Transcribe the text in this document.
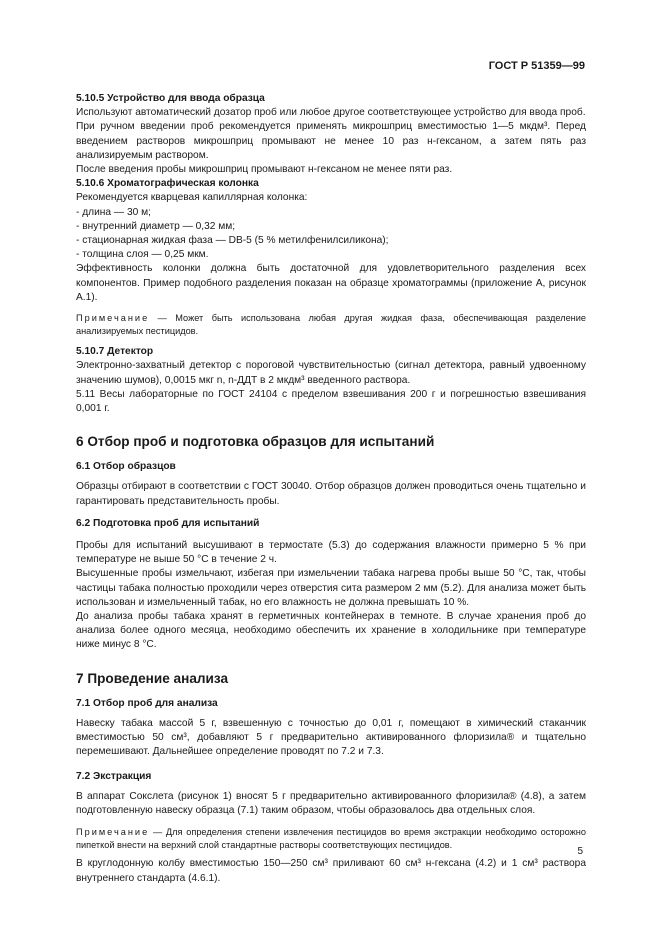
ГОСТ Р 51359—99

5.10.5 Устройство для ввода образца

Используют автоматический дозатор проб или любое другое соответствующее устройство для ввода проб.

При ручном введении проб рекомендуется применять микрошприц вместимостью 1—5 мкдм³. Перед введением растворов микрошприц промывают не менее 10 раз н-гексаном, а затем пять раз анализируемым раствором.

После введения пробы микрошприц промывают н-гексаном не менее пяти раз.

5.10.6 Хроматографическая колонка

Рекомендуется кварцевая капиллярная колонка:

- длина — 30 м;

- внутренний диаметр — 0,32 мм;

- стационарная жидкая фаза — DB-5 (5 % метилфенилсиликона);

- толщина слоя — 0,25 мкм.

Эффективность колонки должна быть достаточной для удовлетворительного разделения всех компонентов. Пример подобного разделения показан на образце хроматограммы (приложение А, рисунок А.1).

Примечание — Может быть использована любая другая жидкая фаза, обеспечивающая разделение анализируемых пестицидов.

5.10.7 Детектор

Электронно-захватный детектор с пороговой чувствительностью (сигнал детектора, равный удвоенному значению шумов), 0,0015 мкг n, n-ДДТ в 2 мкдм³ введенного раствора.

5.11 Весы лабораторные по ГОСТ 24104 с пределом взвешивания 200 г и погрешностью взвешивания 0,001 г.

6 Отбор проб и подготовка образцов для испытаний

6.1 Отбор образцов

Образцы отбирают в соответствии с ГОСТ 30040. Отбор образцов должен проводиться очень тщательно и гарантировать представительность пробы.

6.2 Подготовка проб для испытаний

Пробы для испытаний высушивают в термостате (5.3) до содержания влажности примерно 5 % при температуре не выше 50 °С в течение 2 ч.

Высушенные пробы измельчают, избегая при измельчении табака нагрева пробы выше 50 °С, так, чтобы частицы табака полностью проходили через отверстия сита размером 2 мм (5.2). Для анализа может быть использован и измельченный табак, но его влажность не должна превышать 10 %.

До анализа пробы табака хранят в герметичных контейнерах в темноте. В случае хранения проб до анализа более одного месяца, необходимо обеспечить их хранение в холодильнике при температуре ниже минус 8 °С.

7 Проведение анализа

7.1 Отбор проб для анализа

Навеску табака массой 5 г, взвешенную с точностью до 0,01 г, помещают в химический стаканчик вместимостью 50 см³, добавляют 5 г предварительно активированного флоризила® и тщательно перемешивают. Дальнейшее определение проводят по 7.2 и 7.3.

7.2 Экстракция

В аппарат Сокслета (рисунок 1) вносят 5 г предварительно активированного флоризила® (4.8), а затем подготовленную навеску образца (7.1) таким образом, чтобы образовалось два отдельных слоя.

Примечание — Для определения степени извлечения пестицидов во время экстракции необходимо осторожно пипеткой внести на верхний слой стандартные растворы соответствующих пестицидов.

В круглодонную колбу вместимостью 150—250 см³ приливают 60 см³ н-гексана (4.2) и 1 см³ раствора внутреннего стандарта (4.6.1).

5
